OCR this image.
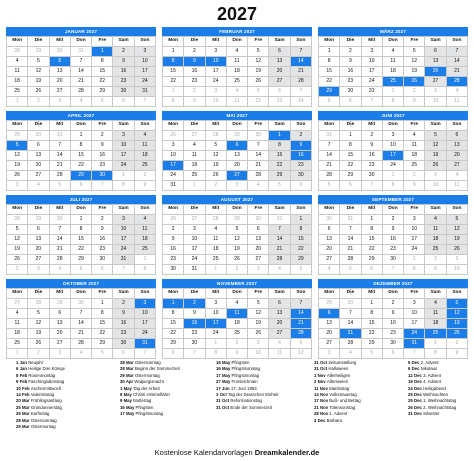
2027
JANUAR 2027
Mon	Die	Mit	Don	Fre	Sam	Son
28	29	30	31	1	2	3
4	5	6	7	8	9	10
11	12	13	14	15	16	17
18	19	20	21	22	23	24
25	26	27	28	29	30	31
1	2	3	4	5	6	7
FEBRUAR 2027
Mon	Die	Mit	Don	Fre	Sam	Son
1	2	3	4	5	6	7
8	9	10	11	12	13	14
15	16	17	18	19	20	21
22	23	24	25	26	27	28
1	2	3	4	5	6	7
8	9	10	11	12	13	14
MÄRZ 2027
Mon	Die	Mit	Don	Fre	Sam	Son
1	2	3	4	5	6	7
8	9	10	11	12	13	14
15	16	17	18	19	20	21
22	23	24	25	26	27	28
29	30	31	1	2	3	4
5	6	7	8	9	10	11
APRIL 2027
Mon	Die	Mit	Don	Fre	Sam	Son
29	30	31	1	2	3	4
5	6	7	8	9	10	11
12	13	14	15	16	17	18
19	20	21	22	23	24	25
26	27	28	29	30	1	2
3	4	5	6	7	8	9
MAI 2027
Mon	Die	Mit	Don	Fre	Sam	Son
26	27	28	29	30	1	2
3	4	5	6	7	8	9
10	11	12	13	14	15	16
17	18	19	20	21	22	23
24	25	26	27	28	29	30
31	1	2	3	4	5	6
JUNI 2027
Mon	Die	Mit	Don	Fre	Sam	Son
31	1	2	3	4	5	6
7	8	9	10	11	12	13
14	15	16	17	18	19	20
21	22	23	24	25	26	27
28	29	30	1	2	3	4
5	6	7	8	9	10	11
JULI 2027
Mon	Die	Mit	Don	Fre	Sam	Son
28	29	30	1	2	3	4
5	6	7	8	9	10	11
12	13	14	15	16	17	18
19	20	21	22	23	24	25
26	27	28	29	30	31	1
2	3	4	5	6	7	8
AUGUST 2027
Mon	Die	Mit	Don	Fre	Sam	Son
26	27	28	29	30	31	1
2	3	4	5	6	7	8
9	10	11	12	13	14	15
16	17	18	19	20	21	22
23	24	25	26	27	28	29
30	31	1	2	3	4	5
SEPTEMBER 2027
Mon	Die	Mit	Don	Fre	Sam	Son
30	31	1	2	3	4	5
6	7	8	9	10	11	12
13	14	15	16	17	18	19
20	21	22	23	24	25	26
27	28	29	30	1	2	3
4	5	6	7	8	9	10
OKTOBER 2027
Mon	Die	Mit	Don	Fre	Sam	Son
27	28	29	30	1	2	3
4	5	6	7	8	9	10
11	12	13	14	15	16	17
18	19	20	21	22	23	24
25	26	27	28	29	30	31
1	2	3	4	5	6	7
NOVEMBER 2027
Mon	Die	Mit	Don	Fre	Sam	Son
1	2	3	4	5	6	7
8	9	10	11	12	13	14
15	16	17	18	19	20	21
22	23	24	25	26	27	28
29	30	1	2	3	4	5
6	7	8	9	10	11	12
DEZEMBER 2027
Mon	Die	Mit	Don	Fre	Sam	Son
29	30	1	2	3	4	5
6	7	8	9	10	11	12
13	14	15	16	17	18	19
20	21	22	23	24	25	26
27	28	29	30	31	1	2
3	4	5	6	7	8	9
1 Jan Neujahr
6 Jan Heilige Drei Könige
8 Feb Rosenmontag
9 Feb Faschingsdienstag
10 Feb Aschermittwoch
14 Feb Valentinstag
20 Mar Frühlingsanfang
25 Mar Gründonnerstag
26 Mar Karfreitag
28 Mar Ostersonntag
29 Mar Ostermontag
28 Mar Ostersonntag
28 Mar Beginn der Sommerzeit
29 Mar Ostermontag
30 Apr Walpurgisnacht
1 May Tag der Arbeit
6 May Christi Himmelfahrt
9 May Muttertag
16 May Pfingsten
17 May Pfingstmontag
16 May Pfingsten
16 May Pfingstsonntag
17 May Pfingstmontag
27 May Fronleichnam
17 Jun 17. Juni 1953
3 Oct Tag der Deutschen Einheit
31 Oct Reformationstag
31 Oct Ende der Sommerzeit
31 Oct Zeitumstellung
31 Oct Halloween
1 Nov Allerheiligen
2 Nov Allerseelen
11 Nov Martinstag
14 Nov Volkstrauertag
17 Nov Buß- und Bettag
21 Nov Totensonntag
28 Nov 1. Advent
4 Dec Barbara
5 Dec 2. Advent
6 Dec Nikolaus
12 Dec 3. Advent
19 Dec 4. Advent
24 Dec Heiligabend
25 Dec Weihnachten
25 Dec 1. Weihnachtstag
26 Dec 2. Weihnachtstag
31 Dec Silvester
Kostenlose Kalendarvorlagen Dreamkalender.de
